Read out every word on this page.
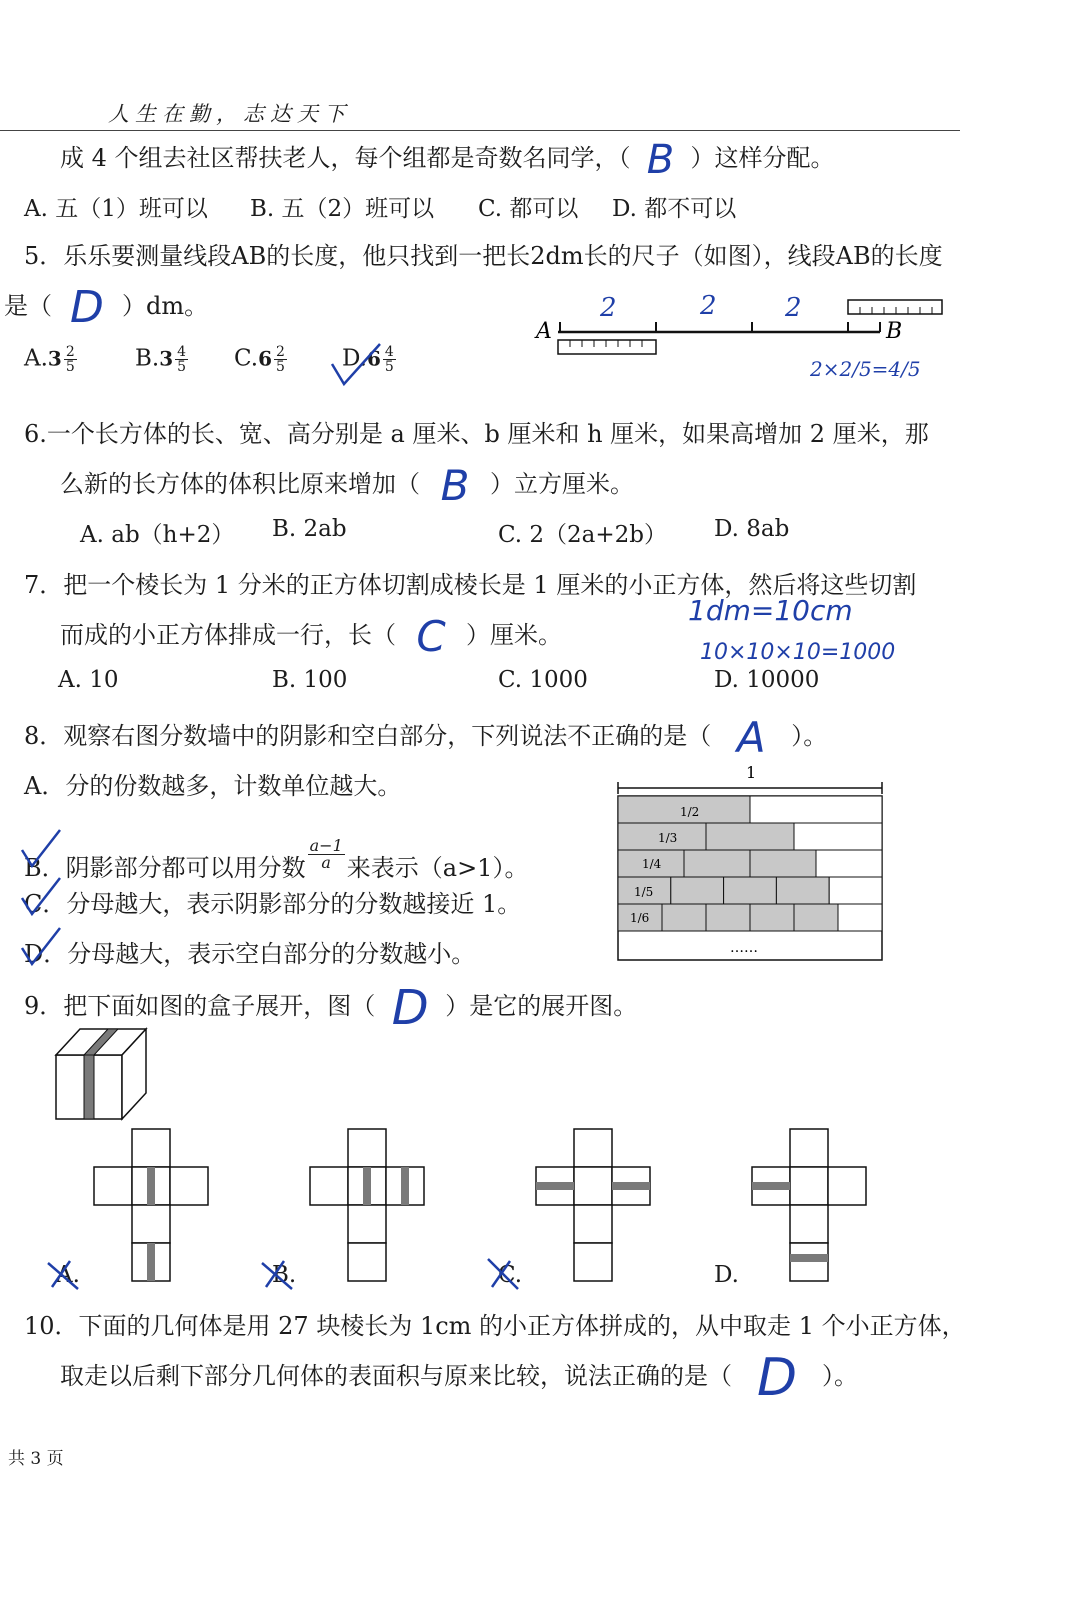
人生在勤，志达天下
成 4 个组去社区帮扶老人，每个组都是奇数名同学，（ B ）这样分配。
A. 五（1）班可以 B. 五（2）班可以 C. 都可以 D. 都不可以
5．乐乐要测量线段AB的长度，他只找到一把长2dm长的尺子（如图），线段AB的长度
是（ D ）dm。
$A.3 \frac{2}{5}$	$B.3 \frac{4}{5} C.6 \frac{2}{5} D.6 \frac{4}{5}$
A	B
2	2	2
2×2/5=4/5
6.一个长方体的长、宽、高分别是 a 厘米、b 厘米和 h 厘米，如果高增加 2 厘米，那
么新的长方体的体积比原来增加（ B ）立方厘米。
A. ab（h+2） B. 2ab	C. 2（2a+2b） D. 8ab
7．把一个棱长为 1 分米的正方体切割成棱长是 1 厘米的小正方体，然后将这些切割
而成的小正方体排成一行，长（ C ）厘米。
1dm=10cm
10×10×10=1000
A. 10	B. 100	C. 1000	D. 10000
8．观察右图分数墙中的阴影和空白部分，下列说法不正确的是（ A ）。
A．分的份数越多，计数单位越大。
B．阴影部分都可以用分数 $\frac{a-1}{a}$ 来表示（a>1）。
C．分母越大，表示阴影部分的分数越接近 1。
D．分母越大，表示空白部分的分数越小。
1
1/2
1/3
1/4
1/5
1/6
……
9．把下面如图的盒子展开，图（ D ）是它的展开图。
A.	B.	C.	D.
10．下面的几何体是用 27 块棱长为 1cm 的小正方体拼成的，从中取走 1 个小正方体，
取走以后剩下部分几何体的表面积与原来比较，说法正确的是（ D ）。
共 3 页
